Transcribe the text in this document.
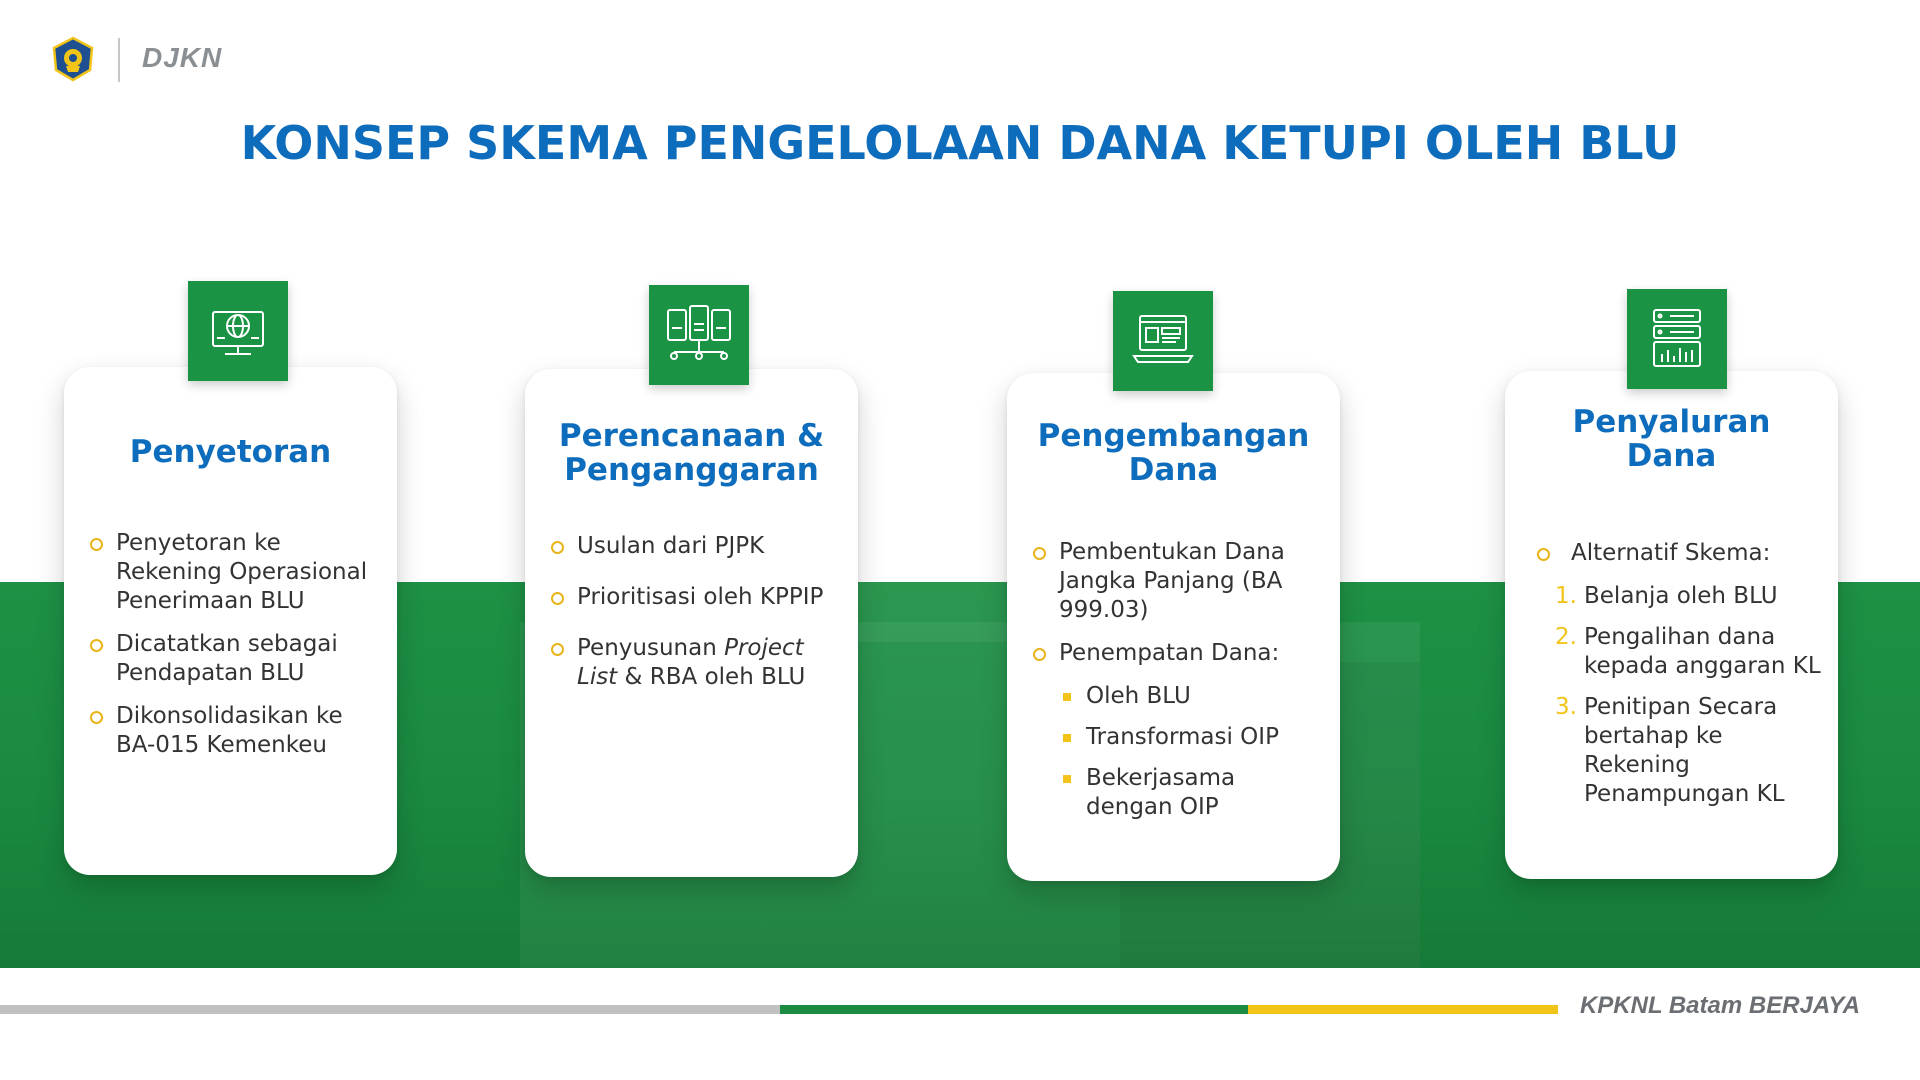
DJKN
KONSEP SKEMA PENGELOLAAN DANA KETUPI OLEH BLU
Penyetoran
Penyetoran ke Rekening Operasional Penerimaan BLU
Dicatatkan sebagai Pendapatan BLU
Dikonsolidasikan ke BA-015 Kemenkeu
Perencanaan &
Penganggaran
Usulan dari PJPK
Prioritisasi oleh KPPIP
Penyusunan Project List & RBA oleh BLU
Pengembangan
Dana
Pembentukan Dana Jangka Panjang (BA 999.03)
Penempatan Dana:
Oleh BLU
Transformasi OIP
Bekerjasama dengan OIP
Penyaluran
Dana
Alternatif Skema:
1. Belanja oleh BLU
2. Pengalihan dana kepada anggaran KL
3. Penitipan Secara bertahap ke Rekening Penampungan KL
KPKNL Batam BERJAYA
